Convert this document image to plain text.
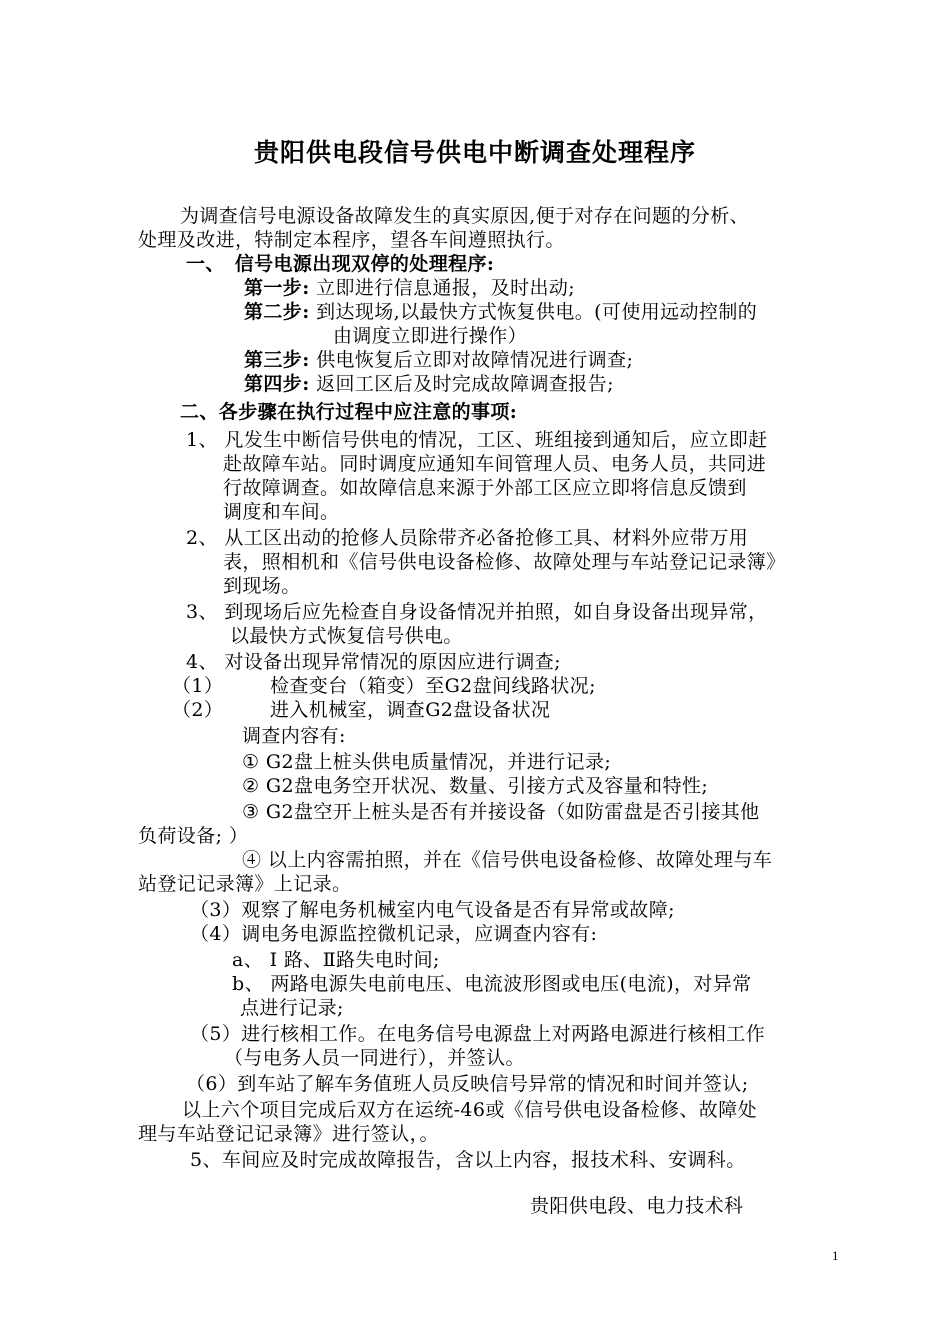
贵阳供电段信号供电中断调查处理程序
为调查信号电源设备故障发生的真实原因,便于对存在问题的分析、
处理及改进，特制定本程序，望各车间遵照执行。
一、　信号电源出现双停的处理程序:
第一步: 立即进行信息通报，及时出动;
第二步: 到达现场,以最快方式恢复供电。(可使用远动控制的
由调度立即进行操作）
第三步: 供电恢复后立即对故障情况进行调查;
第四步: 返回工区后及时完成故障调查报告;
二、各步骤在执行过程中应注意的事项:
1、 凡发生中断信号供电的情况，工区、班组接到通知后，应立即赶
赴故障车站。同时调度应通知车间管理人员、电务人员，共同进
行故障调查。如故障信息来源于外部工区应立即将信息反馈到
调度和车间。
2、 从工区出动的抢修人员除带齐必备抢修工具、材料外应带万用
表，照相机和《信号供电设备检修、故障处理与车站登记记录簿》
到现场。
3、 到现场后应先检查自身设备情况并拍照，如自身设备出现异常，
以最快方式恢复信号供电。
4、 对设备出现异常情况的原因应进行调查;
（1） 检查变台（箱变）至G2盘间线路状况;
（2） 进入机械室，调查G2盘设备状况
调查内容有:
① G2盘上桩头供电质量情况，并进行记录;
② G2盘电务空开状况、数量、引接方式及容量和特性;
③ G2盘空开上桩头是否有并接设备（如防雷盘是否引接其他
负荷设备; ）
④ 以上内容需拍照，并在《信号供电设备检修、故障处理与车
站登记记录簿》上记录。
（3）观察了解电务机械室内电气设备是否有异常或故障;
（4）调电务电源监控微机记录，应调查内容有:
a、 Ⅰ 路、Ⅱ路失电时间;
b、 两路电源失电前电压、电流波形图或电压(电流)，对异常
点进行记录;
（5）进行核相工作。在电务信号电源盘上对两路电源进行核相工作
（与电务人员一同进行），并签认。
（6）到车站了解车务值班人员反映信号异常的情况和时间并签认;
以上六个项目完成后双方在运统-46或《信号供电设备检修、故障处
理与车站登记记录簿》进行签认，。
5、车间应及时完成故障报告，含以上内容，报技术科、安调科。
贵阳供电段、电力技术科
1
